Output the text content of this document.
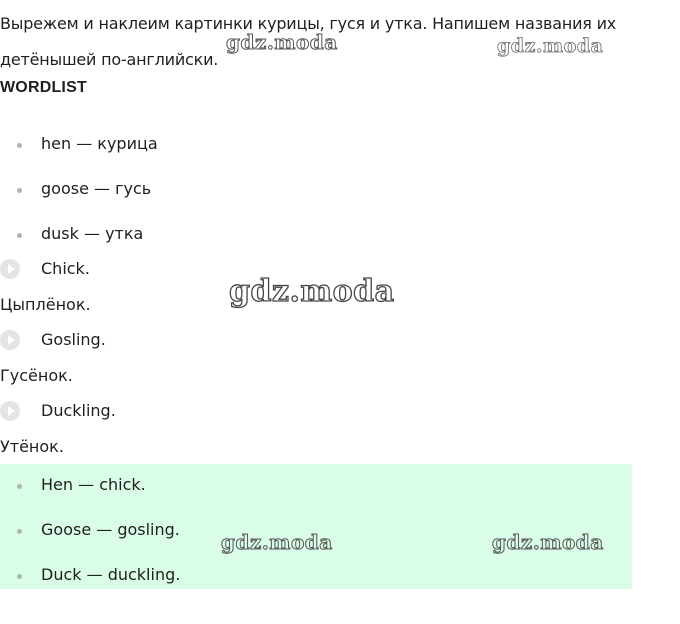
Вырежем и наклеим картинки курицы, гуся и утка. Напишем названия их детёнышей по-английски.
WORDLIST
hen — курица
goose — гусь
dusk — утка
Chick.
Цыплёнок.
Gosling.
Гусёнок.
Duckling.
Утёнок.
Hen — chick.
Goose — gosling.
Duck — duckling.
gdz.moda	gdz.moda
gdz.moda
gdz.moda	gdz.moda
